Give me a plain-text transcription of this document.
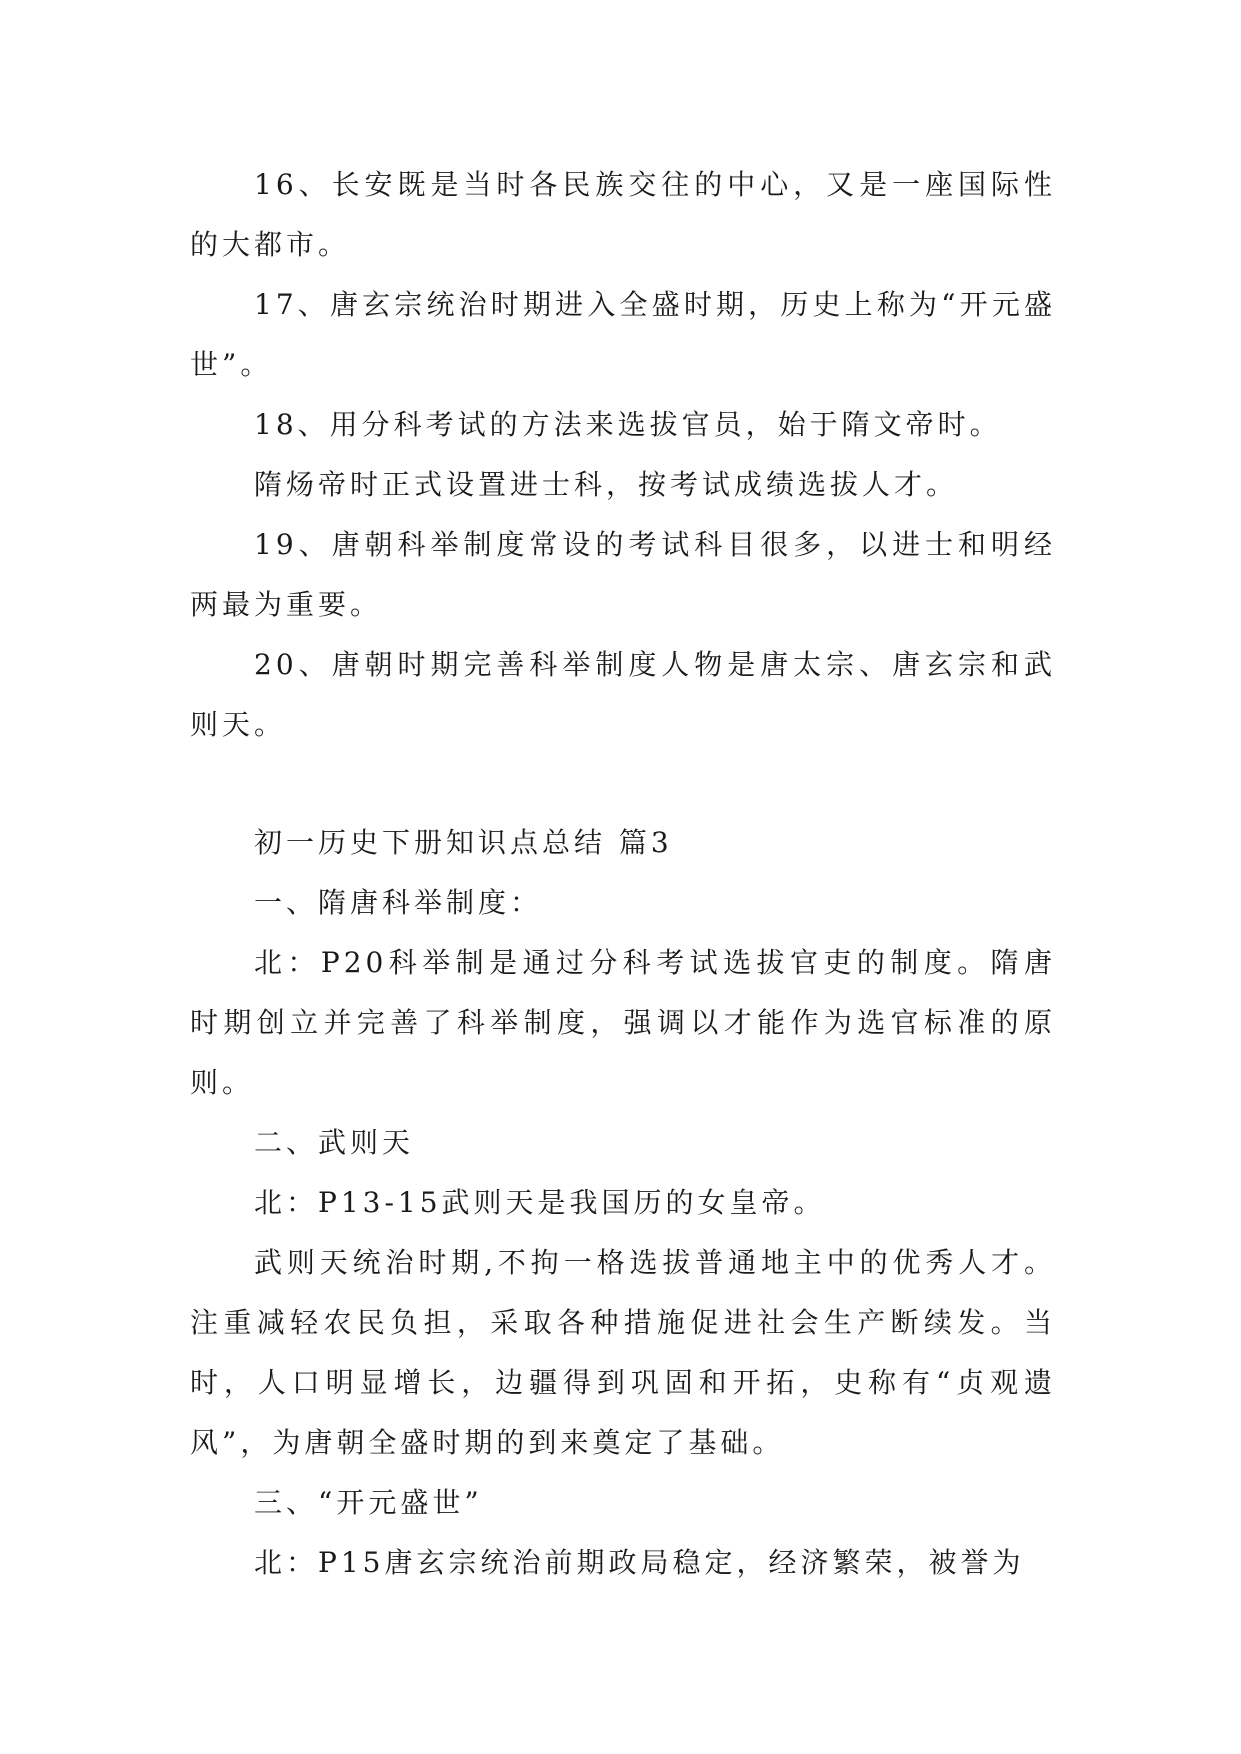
16、长安既是当时各民族交往的中心，又是一座国际性的大都市。

17、唐玄宗统治时期进入全盛时期，历史上称为“开元盛世”。

18、用分科考试的方法来选拔官员，始于隋文帝时。

隋炀帝时正式设置进士科，按考试成绩选拔人才。

19、唐朝科举制度常设的考试科目很多，以进士和明经两最为重要。

20、唐朝时期完善科举制度人物是唐太宗、唐玄宗和武则天。

初一历史下册知识点总结 篇3

一、隋唐科举制度：

北：P20科举制是通过分科考试选拔官吏的制度。隋唐时期创立并完善了科举制度，强调以才能作为选官标准的原则。

二、武则天

北：P13-15武则天是我国历的女皇帝。

武则天统治时期,不拘一格选拔普通地主中的优秀人才。注重减轻农民负担，采取各种措施促进社会生产断续发。当时，人口明显增长，边疆得到巩固和开拓，史称有“贞观遗风”，为唐朝全盛时期的到来奠定了基础。

三、“开元盛世”

北：P15唐玄宗统治前期政局稳定，经济繁荣，被誉为
